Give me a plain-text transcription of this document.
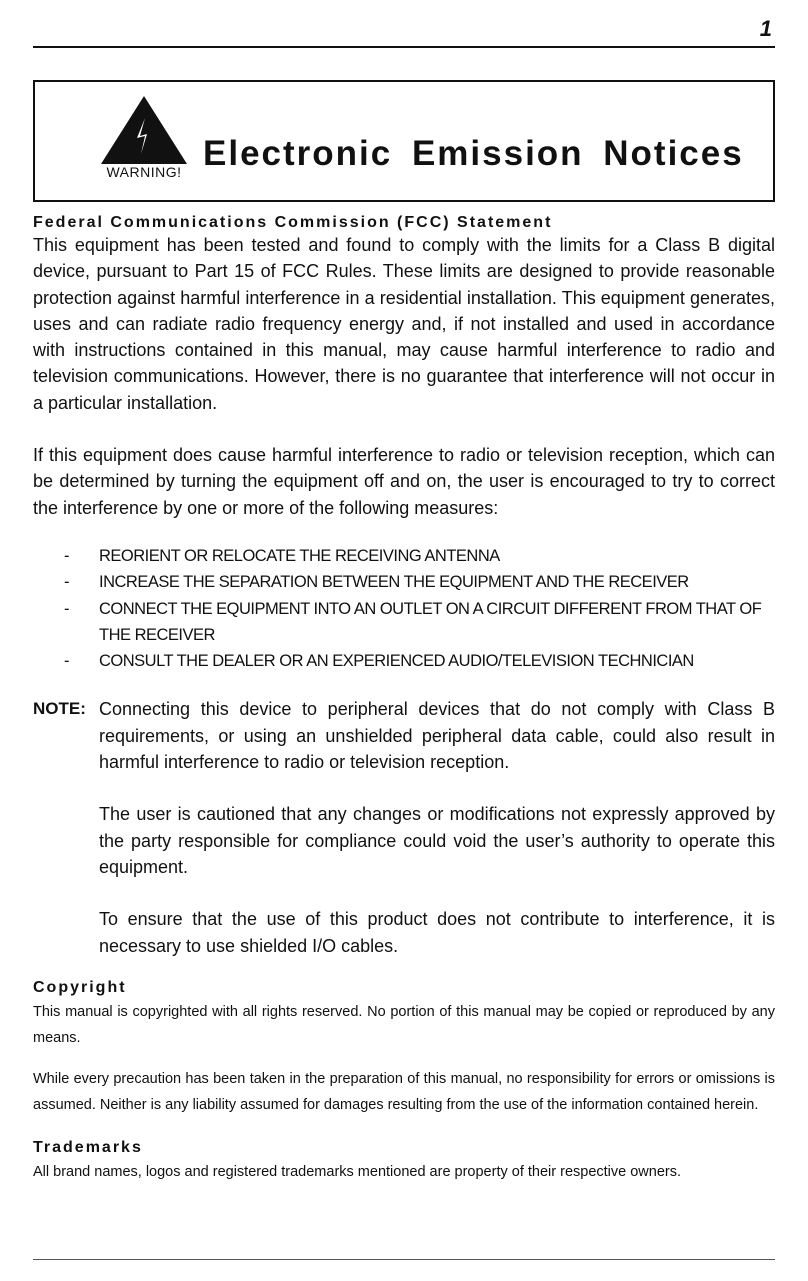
1
WARNING! Electronic Emission Notices
Federal Communications Commission (FCC) Statement

This equipment has been tested and found to comply with the limits for a Class B digital device, pursuant to Part 15 of FCC Rules. These limits are designed to provide reasonable protection against harmful interference in a residential installation. This equipment generates, uses and can radiate radio frequency energy and, if not installed and used in accordance with instructions contained in this manual, may cause harmful interference to radio and television communications. However, there is no guarantee that interference will not occur in a particular installation.

If this equipment does cause harmful interference to radio or television reception, which can be determined by turning the equipment off and on, the user is encouraged to try to correct the interference by one or more of the following measures:

- REORIENT OR RELOCATE THE RECEIVING ANTENNA
- INCREASE THE SEPARATION BETWEEN THE EQUIPMENT AND THE RECEIVER
- CONNECT THE EQUIPMENT INTO AN OUTLET ON A CIRCUIT DIFFERENT FROM THAT OF THE RECEIVER
- CONSULT THE DEALER OR AN EXPERIENCED AUDIO/TELEVISION TECHNICIAN
NOTE: Connecting this device to peripheral devices that do not comply with Class B requirements, or using an unshielded peripheral data cable, could also result in harmful interference to radio or television reception.

The user is cautioned that any changes or modifications not expressly approved by the party responsible for compliance could void the user’s authority to operate this equipment.

To ensure that the use of this product does not contribute to interference, it is necessary to use shielded I/O cables.

Copyright

This manual is copyrighted with all rights reserved. No portion of this manual may be copied or reproduced by any means.

While every precaution has been taken in the preparation of this manual, no responsibility for errors or omissions is assumed. Neither is any liability assumed for damages resulting from the use of the information contained herein.

Trademarks

All brand names, logos and registered trademarks mentioned are property of their respective owners.
